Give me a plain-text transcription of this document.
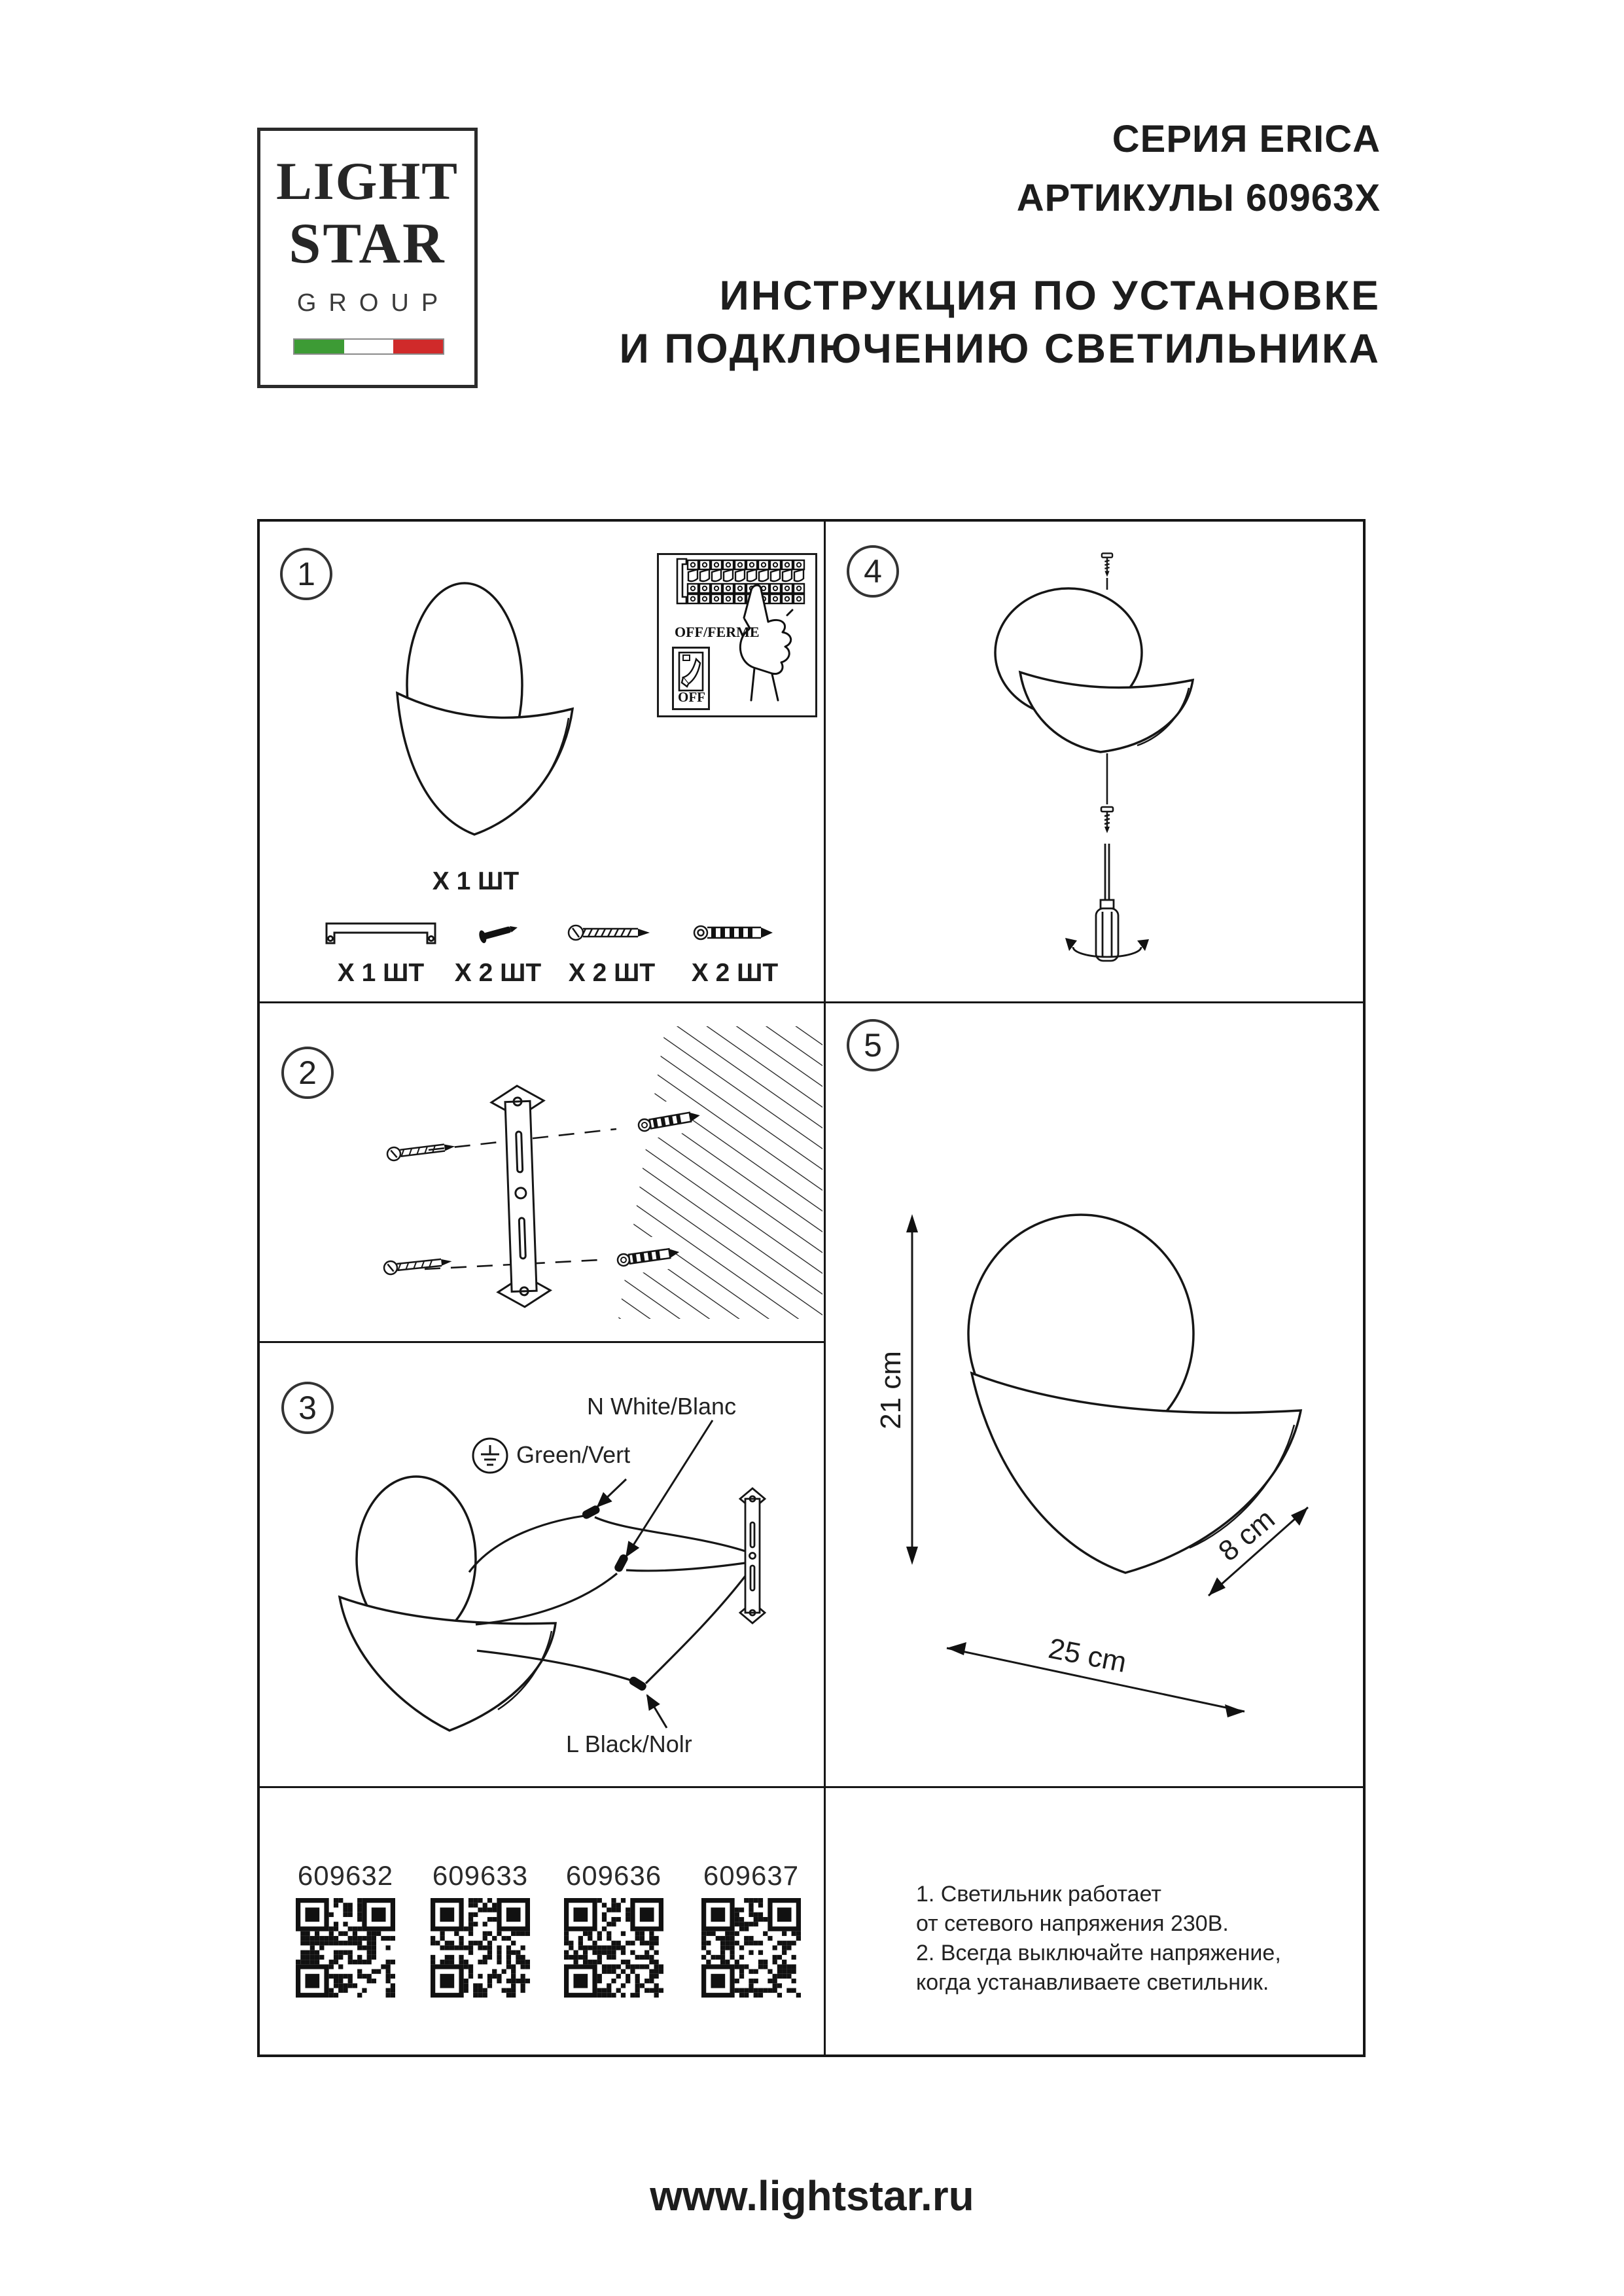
LIGHT
STAR
GROUP
СЕРИЯ ERICA
АРТИКУЛЫ 60963X
ИНСТРУКЦИЯ ПО УСТАНОВКЕ
И ПОДКЛЮЧЕНИЮ СВЕТИЛЬНИКА
1
X 1 ШТ
X 1 ШТ	X 2 ШТ	X 2 ШТ	X 2 ШТ
OFF/FERME
OFF
2
3	N White/Blanc
Green/Vert
L Black/Nolr
609632	609633	609636	609637
4
5
21 cm
25 cm
8 cm
1. Светильник работает
от сетевого напряжения 230В.
2. Всегда выключайте напряжение,
когда устанавливаете светильник.
www.lightstar.ru
